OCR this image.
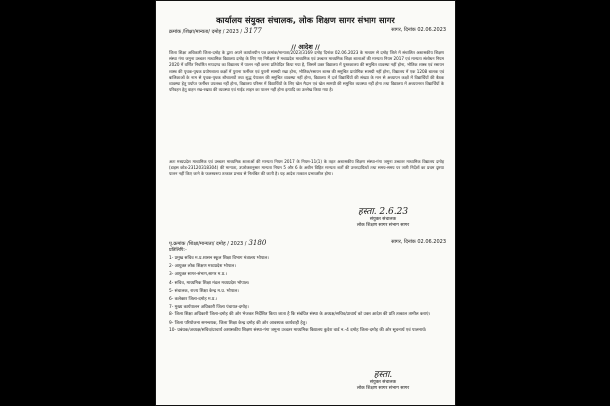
कार्यालय संयुक्त संचालक, लोक शिक्षण सागर संभाग सागर
क्रमांक /शिक्षा/मान्यता/ दमोह / 2023 / 3177	सागर, दिनांक 02.06.2023
// आदेश //

जिला शिक्षा अधिकारी जिला-दमोह के द्वारा अपने कार्यालयीन पत्र क्रमांक/मान्यता/2023/3169 दमोह दिनांक 02.06.2023 के माध्यम से दमोह जिले में संचालित अशासकीय शिक्षण संस्था गंगा जमुना उच्चतर माध्यमिक विद्यालय दमोह के लिए गए निरीक्षण में मध्यप्रदेश माध्यमिक एवं उच्चतर माध्यमिक शिक्षा शालाओं की मान्यता नियम 2017 एवं मान्यता संशोधन नियम 2020 में वर्णित निर्धारित मापदण्ड का विद्यालय में पालन नहीं करना प्रतिवेदित किया गया है, जिसमें उक्त विद्यालय में पुस्तकालय की समुचित व्यवस्था नहीं होना, भौतिक शास्त्र एवं रसायन शास्त्र की पृथक-पृथक प्रयोगशाला कक्षों में पुराना फर्नीचर एवं पुरानी सामग्री रखा होना, भौतिक/रसायन शास्त्र की समुचित प्रायोगिक सामग्री नहीं होना, विद्यालय में एक 1208 बालक एवं बालिकाओं के नाम से पृथक-पृथक शौचालयों तथा शुद्ध पेयजल की समुचित व्यवस्था नहीं होना, विद्यालय में दर्ज विद्यार्थियों की संख्या के मान से अध्यापन कक्षों में विद्यार्थियों की बैठक व्यवस्था हेतु पर्याप्त फर्नीचर उपलब्ध नहीं होना, विद्यालय परिसर में विद्यार्थियों के लिए खेल मैदान एवं खेल सामग्री की समुचित व्यवस्था नहीं होना तथा विद्यालय में अध्ययनरत विद्यार्थियों के परिवहन हेतु वाहन रख-रखाव की व्यवस्था एवं गाईड लाइन का पालन नहीं होना इत्यादि का उल्लेख किया गया है।

अतः मध्यप्रदेश माध्यमिक एवं उच्चतर माध्यमिक शालाओं की मान्यता नियम 2017 के नियम-11(1) के तहत अशासकीय शिक्षण संस्था-गंगा जमुना उच्चतर माध्यमिक विद्यालय दमोह (डाइस कोड-23120318304) की मान्यता, उपरोक्तानुसार मान्यता नियम 5 और 6 के अधीन विहित मान्यता शर्तों की उत्तरदायित्वों तथा समय-समय पर जारी निर्देशों का प्रथम दृष्टया पालन नहीं किए जाने के फलस्वरूप तत्काल प्रभाव से निलंबित की जाती है। यह आदेश तत्काल प्रभावशील होगा।

हस्ता. 2.6.23
संयुक्त संचालक
लोक शिक्षण सागर संभाग सागर
पृ.क्रमांक /शिक्षा/मान्यता/ दमोह / 2023 / 3180	सागर, दिनांक 02.06.2023
प्रतिलिपि:-
1- प्रमुख सचिव म.प्र.शासन स्कूल शिक्षा विभाग मंत्रालय भोपाल।
2- आयुक्त लोक शिक्षण मध्यप्रदेश भोपाल।
3- आयुक्त सागर-संभाग,सागर म.प्र.।
4- सचिव, माध्यमिक शिक्षा मंडल मध्यप्रदेश भोपाल।
5- संचालक, राज्य शिक्षा केन्द्र म.प्र. भोपाल।
6- कलेक्टर जिला-दमोह म.प्र.।
7- मुख्य कार्यपालन अधिकारी जिला पंचायत-दमोह।
8- जिला शिक्षा अधिकारी जिला-दमोह की ओर भेजकर निर्देशित किया जाता है कि संबंधित संस्था के अध्यक्ष/सचिव/प्राचार्य को उक्त आदेश की प्रति तत्काल तामील कराएं।
9- जिला परियोजना समन्वयक, जिला शिक्षा केन्द्र दमोह की ओर आवश्यक कार्यवाही हेतु।
10- प्रबंधक/अध्यक्ष/सचिव/प्राचार्य अशासकीय शिक्षण संस्था-गंगा जमुना उच्चतर माध्यमिक विद्यालय कुदेरा वार्ड न.-4 दमोह जिला-दमोह की ओर सूचनार्थ एवं पालनार्थ।
हस्ता.
संयुक्त संचालक
लोक शिक्षण सागर संभाग सागर
